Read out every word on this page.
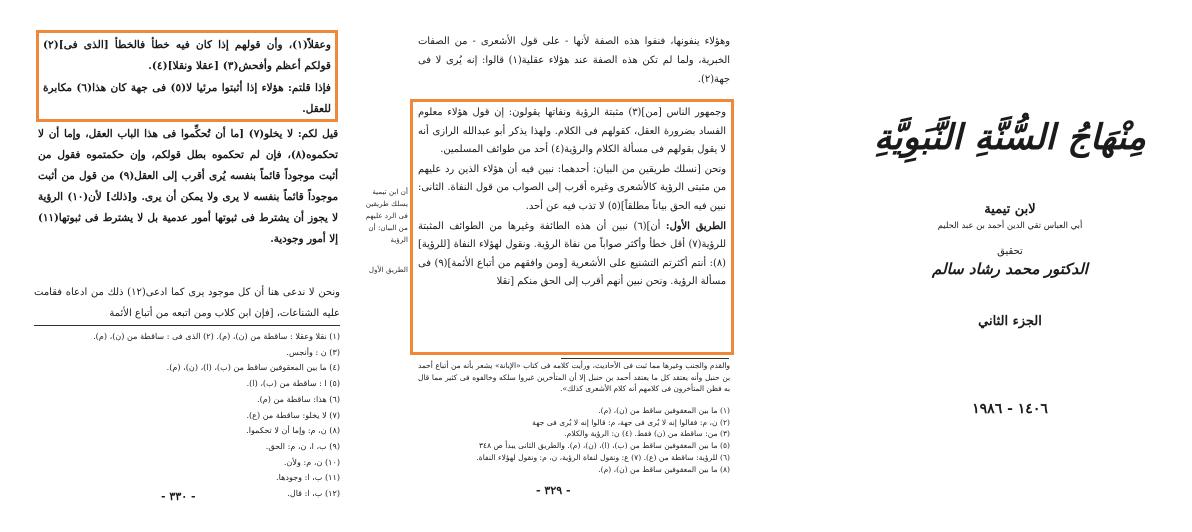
وعقلاً(١)، وأن قولهم إذا كان فيه خطأ فالخطأ [الذى فى](٢) قولكم أعظم وأفحش(٣) [عقلا ونقلا](٤).

فإذا قلتم: هؤلاء إذا أثبتوا مرئيا لا(٥) فى جهة كان هذا(٦) مكابرة للعقل.

قيل لكم: لا يخلو(٧) [ما أن تُحكِّموا فى هذا الباب العقل، وإما أن لا تحكموه(٨)، فإن لم تحكموه بطل قولكم، وإن حكمتموه فقول من أثبت موجوداً قائماً بنفسه يُرى أقرب إلى العقل(٩) من قول من أثبت موجوداً قائماً بنفسه لا يرى ولا يمكن أن يرى. و[ذلك] لأن(١٠) الرؤية لا يجوز أن يشترط فى ثبوتها أمور عدمية بل لا يشترط فى ثبوتها(١١) إلا أمور وجودية.
ونحن لا ندعى هنا أن كل موجود يرى كما ادعى(١٢) ذلك من ادعاه فقامت عليه الشناعات، [فإن ابن كلاب ومن اتبعه من أتباع الأئمة
(١) نقلا وعقلا : ساقطة من (ن)، (م). (٢) الذى فى : ساقطة من (ن)، (م).
(٣) ن : وأنجس.
(٤) ما بين المعقوفين ساقط من (ب)، (ا)، (ن)، (م).
(٥) ا : ساقطة من (ب)، (ا).
(٦) هذا: ساقطة من (م).
(٧) لا يخلو: ساقطة من (ع).
(٨) ن، م: وإما أن لا تحكموا.
(٩) ب، ا، ن، م: الحق.
(١٠) ن، م: ولأن.
(١١) ب، ا: وجودها.
(١٢) ب، ا: قال.
- ٣٣٠ -
أن ابن تيمية يسلك طريقين فى الرد عليهم من البيان: أن الرؤية
الطريق الأول
وهؤلاء ينفونها، فنفوا هذه الصفة لأنها - على قول الأشعرى - من الصفات الخبرية، ولما لم تكن هذه الصفة عند هؤلاء عقلية(١) قالوا: إنه يُرى لا فى جهة(٢).

وجمهور الناس [من](٣) مثبتة الرؤية ونفاتها يقولون: إن قول هؤلاء معلوم الفساد بضرورة العقل، كقولهم فى الكلام. ولهذا يذكر أبو عبدالله الرازى أنه لا يقول بقولهم فى مسألة الكلام والرؤية(٤) أحد من طوائف المسلمين.

ونحن [نسلك طريقين من البيان: أحدهما: نبين فيه أن هؤلاء الذين رد عليهم من مثبتى الرؤية كالأشعرى وغيره أقرب إلى الصواب من قول النفاة. الثانى: نبين فيه الحق بياناً مطلقاً](٥) لا تذب فيه عن أحد.

الطريق الأول: أن](٦) نبين أن هذه الطائفة وغيرها من الطوائف المثبتة للرؤية(٧) أقل خطأ وأكثر صواباً من نفاة الرؤية. ونقول لهؤلاء النفاة [للرؤية](٨): أنتم أكثرتم التشنيع على الأشعرية [ومن وافقهم من أتباع الأئمة](٩) فى مسألة الرؤية. ونحن نبين أنهم أقرب إلى الحق منكم [نقلا

والقدم والجنب وغيرها مما ثبت فى الأحاديث، ورأيت كلامه فى كتاب «الإبانة» يشعر بأنه من أتباع أحمد بن حنبل وأنه يعتقد كل ما يعتقد أحمد بن حنبل إلا أن المتأخرين غيروا سلكه وخالفوه فى كثير مما قال به فظن المتأخرون فى كلامهم أنه كلام الأشعرى كذلك».
(١) ما بين المعقوفين ساقط من (ن)، (م).
(٢) ن، م: فقالوا إنه لا يُرى فى جهة، م: قالوا إنه لا يُرى فى جهة
(٣) من: ساقطة من (ن) فقط. (٤) ن: الرؤية والكلام.
(٥) ما بين المعقوفين ساقط من (ب)، (ا)، (ن)، (م). والطريق الثانى يبدأ ص ٣٤٨
(٦) للرؤية: ساقطة من (ع). (٧) ع: ونقول لنفاة الرؤية، ن، م: ونقول لهؤلاء النفاة.
(٨) ما بين المعقوفين ساقط من (ن)، (م).
- ٣٢٩ -
مِنْهَاجُ السُّنَّةِ النَّبَوِيَّةِ
لابن تيمية
أبي العباس تقي الدين أحمد بن عبد الحليم
تحقيق
الدكتور محمد رشاد سالم
الجزء الثاني
١٤٠٦ - ١٩٨٦
